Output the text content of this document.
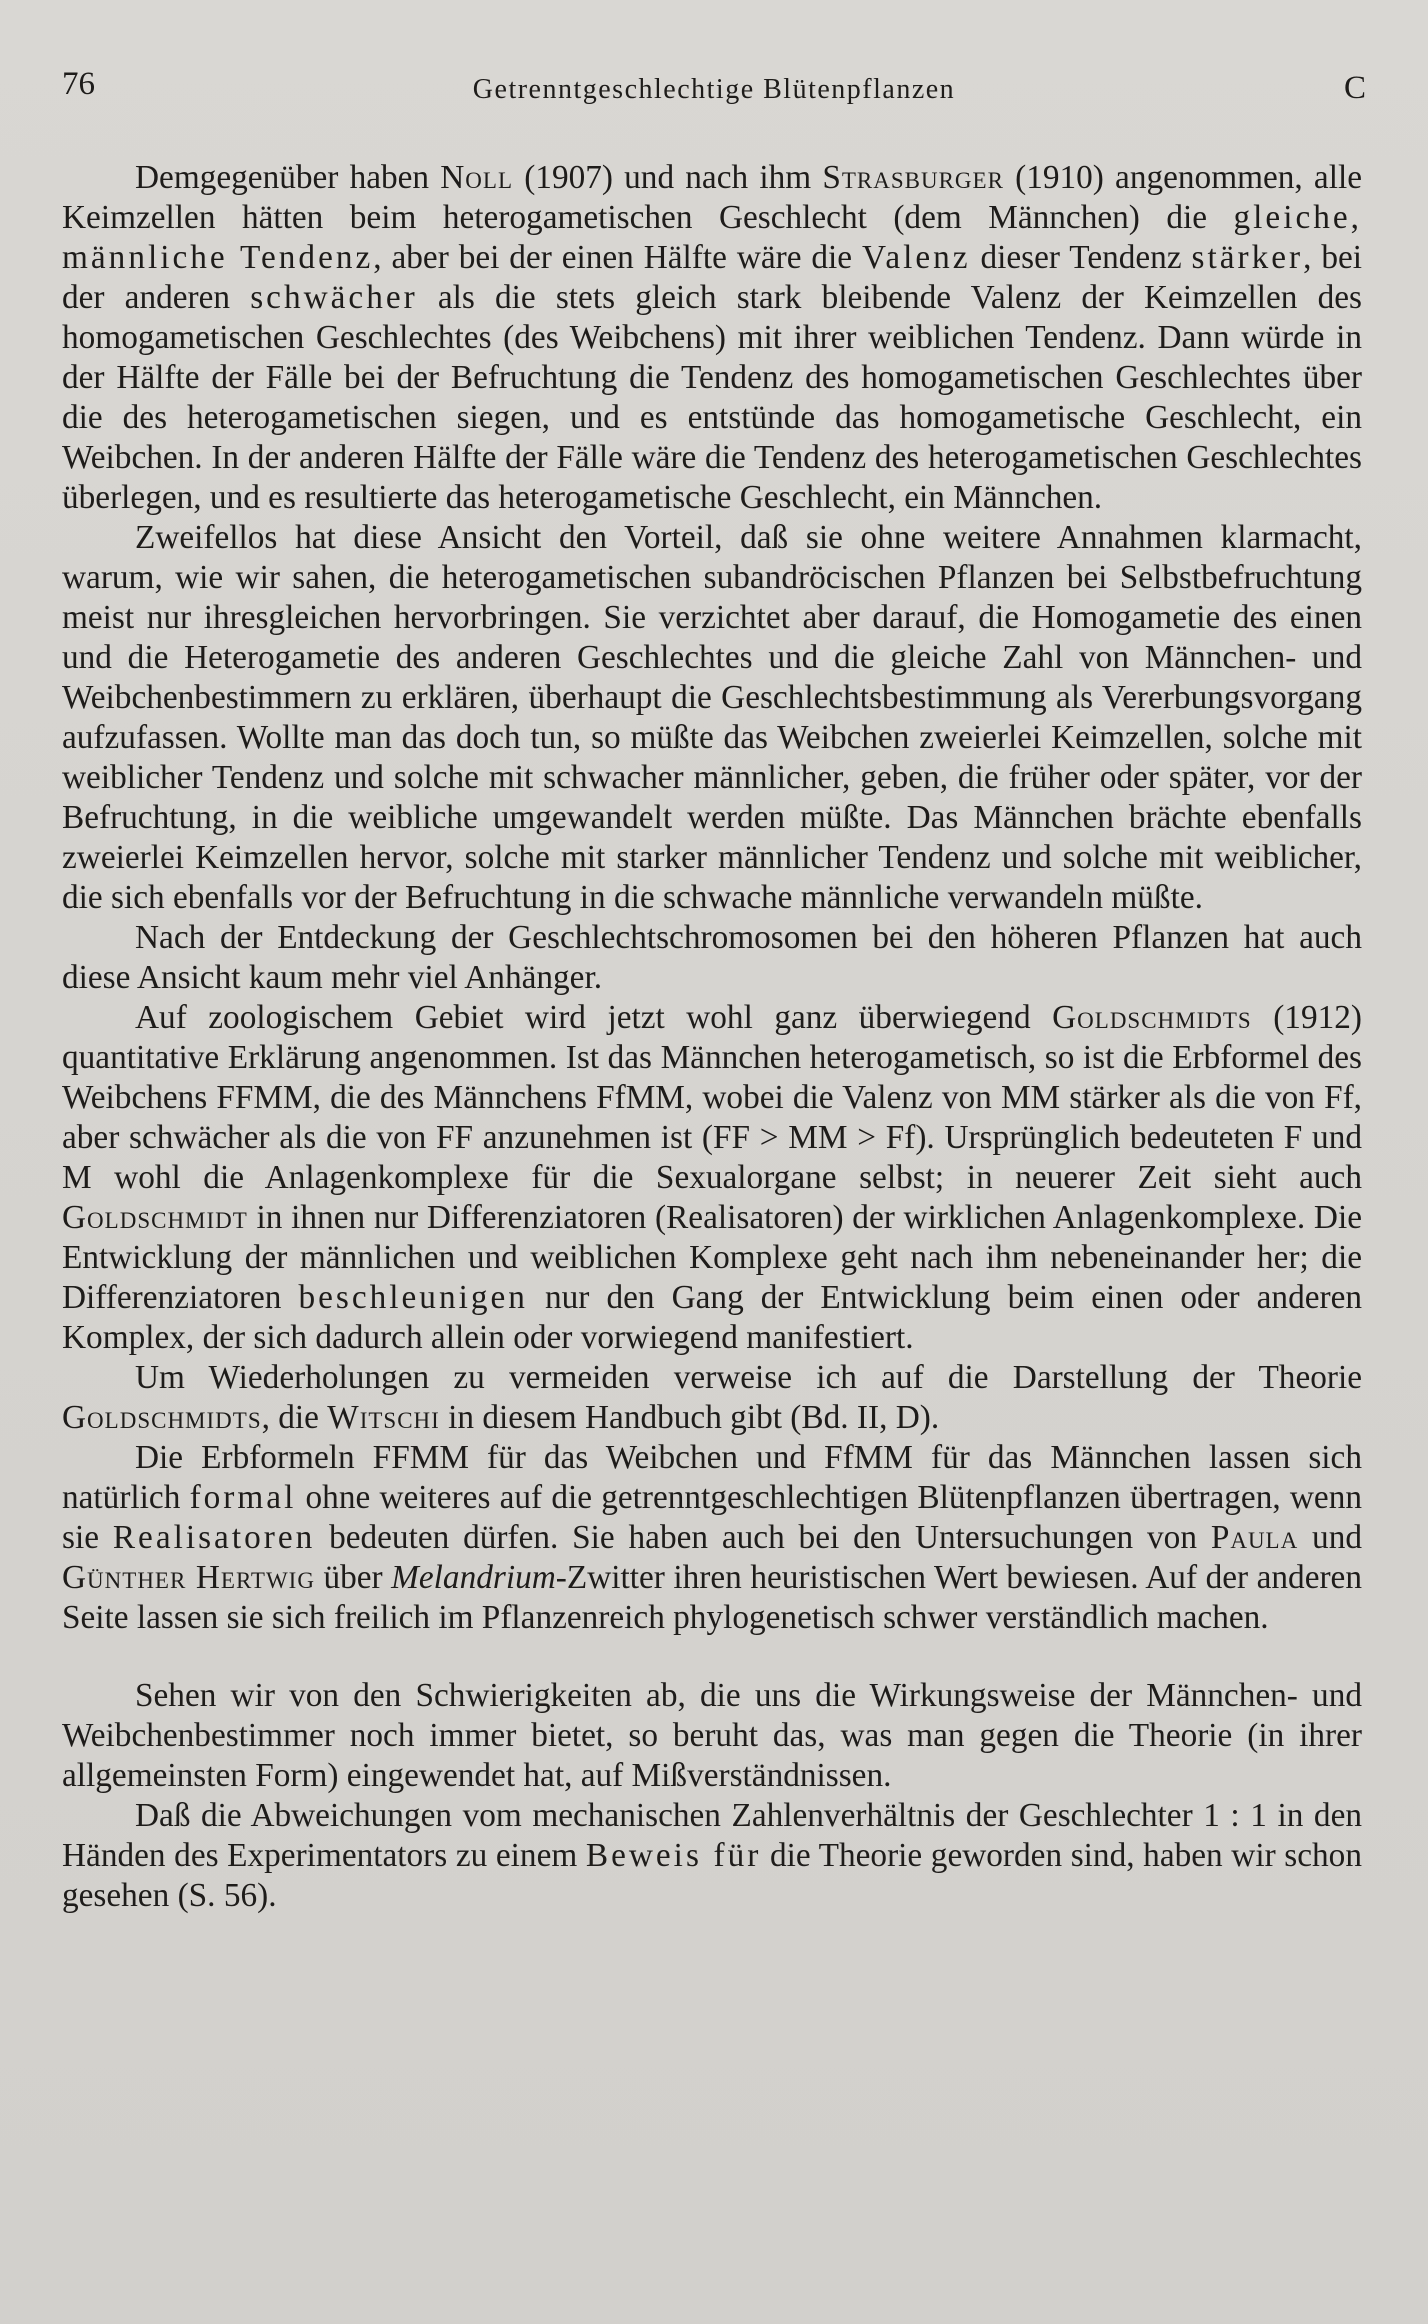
76	Getrenntgeschlechtige Blütenpflanzen	C

Demgegenüber haben Noll (1907) und nach ihm Strasburger (1910) angenommen, alle Keimzellen hätten beim heterogametischen Geschlecht (dem Männchen) die gleiche, männliche Tendenz, aber bei der einen Hälfte wäre die Valenz dieser Tendenz stärker, bei der anderen schwächer als die stets gleich stark bleibende Valenz der Keimzellen des homogametischen Geschlechtes (des Weibchens) mit ihrer weiblichen Tendenz. Dann würde in der Hälfte der Fälle bei der Befruchtung die Tendenz des homogametischen Geschlechtes über die des heterogametischen siegen, und es entstünde das homogametische Geschlecht, ein Weibchen. In der anderen Hälfte der Fälle wäre die Tendenz des heterogametischen Geschlechtes überlegen, und es resultierte das heterogametische Geschlecht, ein Männchen.

Zweifellos hat diese Ansicht den Vorteil, daß sie ohne weitere Annahmen klarmacht, warum, wie wir sahen, die heterogametischen subandröcischen Pflanzen bei Selbstbefruchtung meist nur ihresgleichen hervorbringen. Sie verzichtet aber darauf, die Homogametie des einen und die Heterogametie des anderen Geschlechtes und die gleiche Zahl von Männchen- und Weibchenbestimmern zu erklären, überhaupt die Geschlechtsbestimmung als Vererbungsvorgang aufzufassen. Wollte man das doch tun, so müßte das Weibchen zweierlei Keimzellen, solche mit weiblicher Tendenz und solche mit schwacher männlicher, geben, die früher oder später, vor der Befruchtung, in die weibliche umgewandelt werden müßte. Das Männchen brächte ebenfalls zweierlei Keimzellen hervor, solche mit starker männlicher Tendenz und solche mit weiblicher, die sich ebenfalls vor der Befruchtung in die schwache männliche verwandeln müßte.

Nach der Entdeckung der Geschlechtschromosomen bei den höheren Pflanzen hat auch diese Ansicht kaum mehr viel Anhänger.

Auf zoologischem Gebiet wird jetzt wohl ganz überwiegend Goldschmidts (1912) quantitative Erklärung angenommen. Ist das Männchen heterogametisch, so ist die Erbformel des Weibchens FFMM, die des Männchens FfMM, wobei die Valenz von MM stärker als die von Ff, aber schwächer als die von FF anzunehmen ist (FF > MM > Ff). Ursprünglich bedeuteten F und M wohl die Anlagenkomplexe für die Sexualorgane selbst; in neuerer Zeit sieht auch Goldschmidt in ihnen nur Differenziatoren (Realisatoren) der wirklichen Anlagenkomplexe. Die Entwicklung der männlichen und weiblichen Komplexe geht nach ihm nebeneinander her; die Differenziatoren beschleunigen nur den Gang der Entwicklung beim einen oder anderen Komplex, der sich dadurch allein oder vorwiegend manifestiert.

Um Wiederholungen zu vermeiden verweise ich auf die Darstellung der Theorie Goldschmidts, die Witschi in diesem Handbuch gibt (Bd. II, D).

Die Erbformeln FFMM für das Weibchen und FfMM für das Männchen lassen sich natürlich formal ohne weiteres auf die getrenntgeschlechtigen Blütenpflanzen übertragen, wenn sie Realisatoren bedeuten dürfen. Sie haben auch bei den Untersuchungen von Paula und Günther Hertwig über Melandrium-Zwitter ihren heuristischen Wert bewiesen. Auf der anderen Seite lassen sie sich freilich im Pflanzenreich phylogenetisch schwer verständlich machen.

Sehen wir von den Schwierigkeiten ab, die uns die Wirkungsweise der Männchen- und Weibchenbestimmer noch immer bietet, so beruht das, was man gegen die Theorie (in ihrer allgemeinsten Form) eingewendet hat, auf Mißverständnissen.

Daß die Abweichungen vom mechanischen Zahlenverhältnis der Geschlechter 1 : 1 in den Händen des Experimentators zu einem Beweis für die Theorie geworden sind, haben wir schon gesehen (S. 56).
